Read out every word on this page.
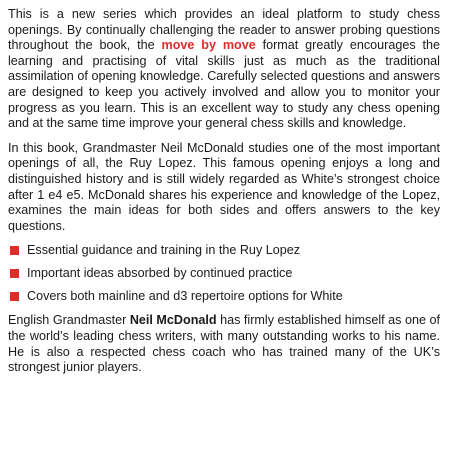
This is a new series which provides an ideal platform to study chess openings. By continually challenging the reader to answer probing questions throughout the book, the move by move format greatly encourages the learning and practising of vital skills just as much as the traditional assimilation of opening knowledge. Carefully selected questions and answers are designed to keep you actively involved and allow you to monitor your progress as you learn. This is an excellent way to study any chess opening and at the same time improve your general chess skills and knowledge.

In this book, Grandmaster Neil McDonald studies one of the most important openings of all, the Ruy Lopez. This famous opening enjoys a long and distinguished history and is still widely regarded as White’s strongest choice after 1 e4 e5. McDonald shares his experience and knowledge of the Lopez, examines the main ideas for both sides and offers answers to the key questions.

Essential guidance and training in the Ruy Lopez
Important ideas absorbed by continued practice
Covers both mainline and d3 repertoire options for White

English Grandmaster Neil McDonald has firmly established himself as one of the world’s leading chess writers, with many outstanding works to his name. He is also a respected chess coach who has trained many of the UK’s strongest junior players.
